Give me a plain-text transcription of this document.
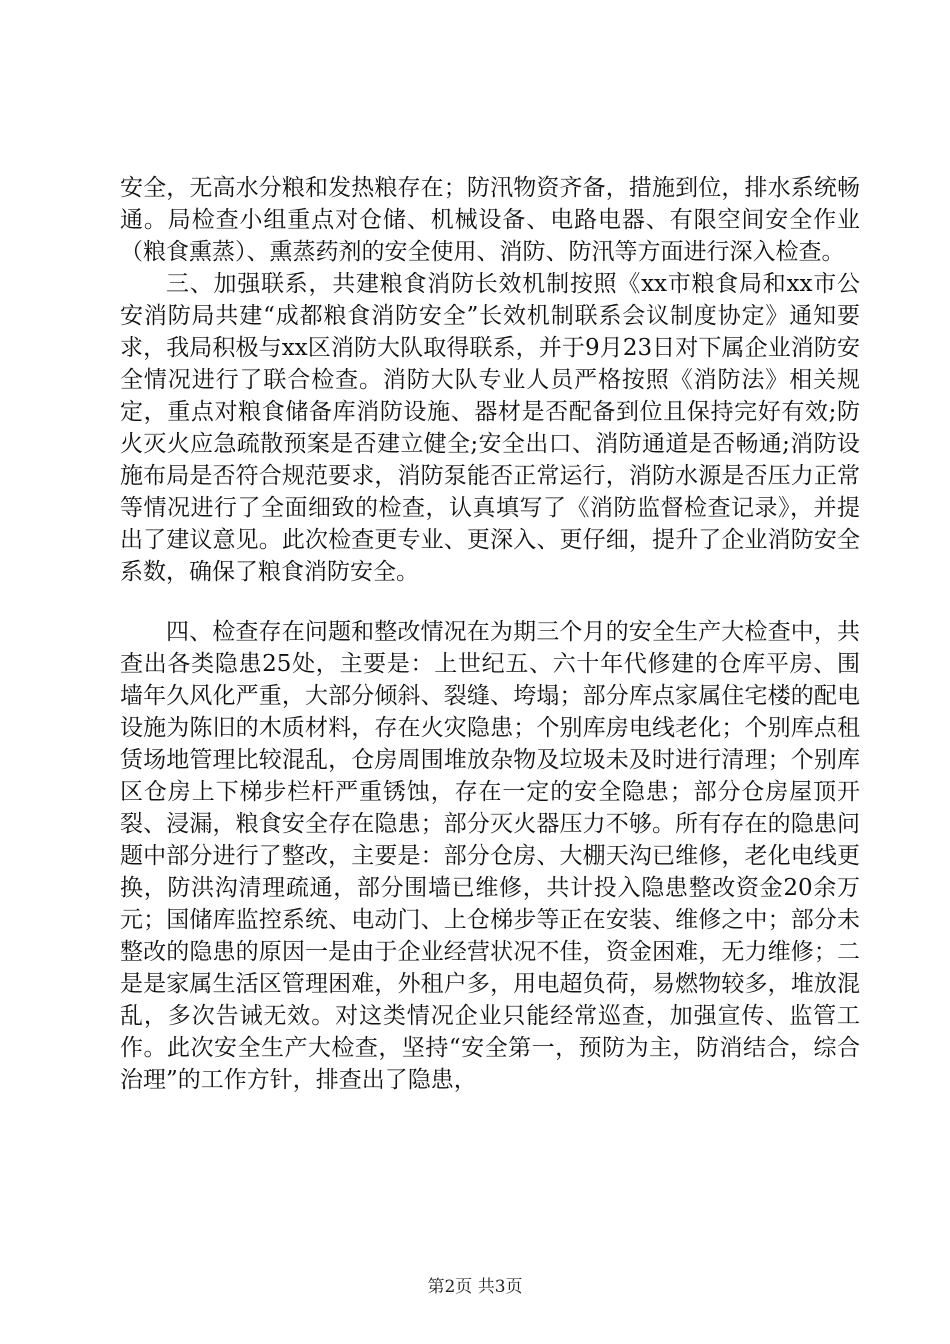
安全，无高水分粮和发热粮存在；防汛物资齐备，措施到位，排水系统畅通。局检查小组重点对仓储、机械设备、电路电器、有限空间安全作业（粮食熏蒸）、熏蒸药剂的安全使用、消防、防汛等方面进行深入检查。

三、加强联系，共建粮食消防长效机制按照《xx市粮食局和xx市公安消防局共建“成都粮食消防安全”长效机制联系会议制度协定》通知要求，我局积极与xx区消防大队取得联系，并于9月23日对下属企业消防安全情况进行了联合检查。消防大队专业人员严格按照《消防法》相关规定，重点对粮食储备库消防设施、器材是否配备到位且保持完好有效;防火灭火应急疏散预案是否建立健全;安全出口、消防通道是否畅通;消防设施布局是否符合规范要求，消防泵能否正常运行，消防水源是否压力正常等情况进行了全面细致的检查，认真填写了《消防监督检查记录》，并提出了建议意见。此次检查更专业、更深入、更仔细，提升了企业消防安全系数，确保了粮食消防安全。

四、检查存在问题和整改情况在为期三个月的安全生产大检查中，共查出各类隐患25处，主要是：上世纪五、六十年代修建的仓库平房、围墙年久风化严重，大部分倾斜、裂缝、垮塌；部分库点家属住宅楼的配电设施为陈旧的木质材料，存在火灾隐患；个别库房电线老化；个别库点租赁场地管理比较混乱，仓房周围堆放杂物及垃圾未及时进行清理；个别库区仓房上下梯步栏杆严重锈蚀，存在一定的安全隐患；部分仓房屋顶开裂、浸漏，粮食安全存在隐患；部分灭火器压力不够。所有存在的隐患问题中部分进行了整改，主要是：部分仓房、大棚天沟已维修，老化电线更换，防洪沟清理疏通，部分围墙已维修，共计投入隐患整改资金20余万元；国储库监控系统、电动门、上仓梯步等正在安装、维修之中；部分未整改的隐患的原因一是由于企业经营状况不佳，资金困难，无力维修；二是是家属生活区管理困难，外租户多，用电超负荷，易燃物较多，堆放混乱，多次告诫无效。对这类情况企业只能经常巡查，加强宣传、监管工作。此次安全生产大检查，坚持“安全第一，预防为主，防消结合，综合治理”的工作方针，排查出了隐患，

第2页 共3页
